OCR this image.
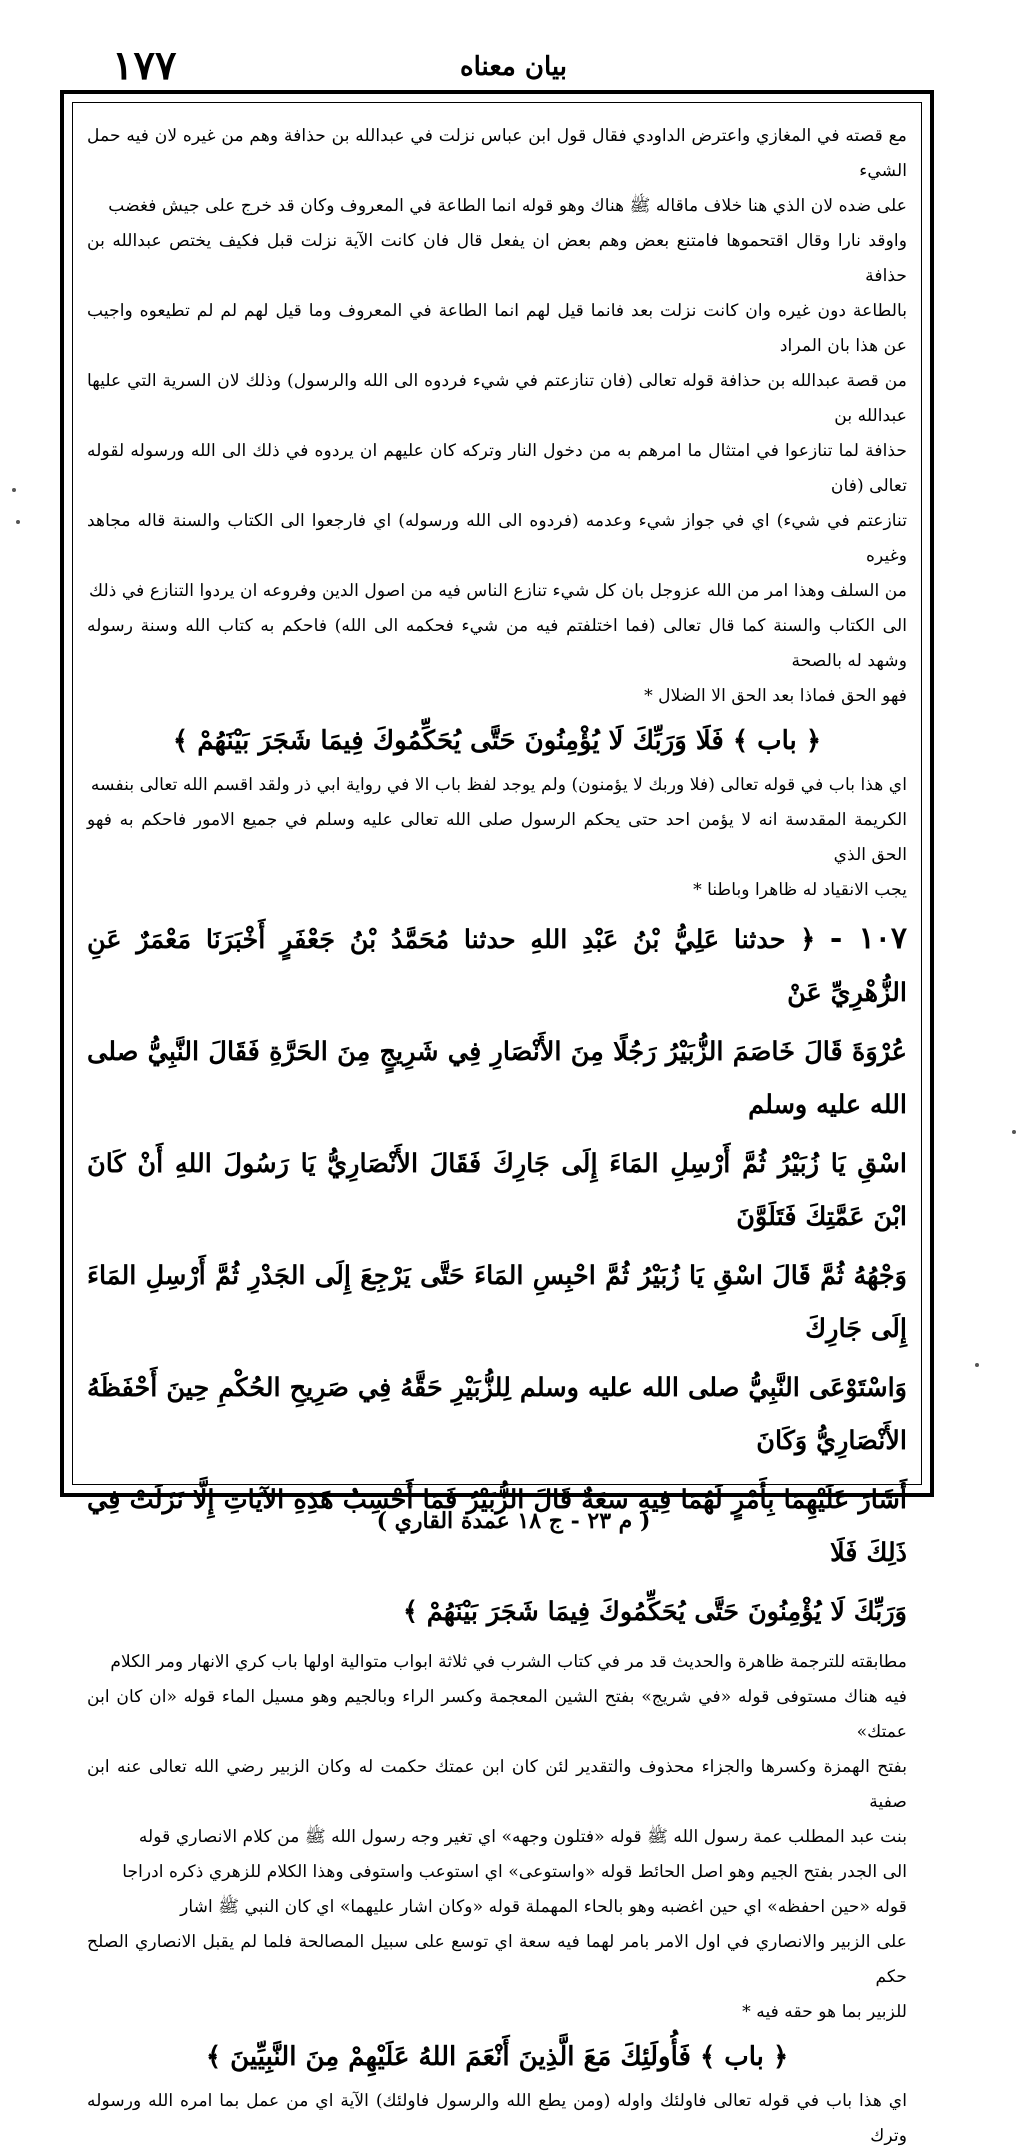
١٧٧	بيان معناه

مع قصته في المغازي واعترض الداودي فقال قول ابن عباس نزلت في عبدالله بن حذافة وهم من غيره لان فيه حمل الشيء

على ضده لان الذي هنا خلاف ماقاله ﷺ هناك وهو قوله انما الطاعة في المعروف وكان قد خرج على جيش فغضب

واوقد نارا وقال اقتحموها فامتنع بعض وهم بعض ان يفعل قال فان كانت الآية نزلت قبل فكيف يختص عبدالله بن حذافة

بالطاعة دون غيره وان كانت نزلت بعد فانما قيل لهم انما الطاعة في المعروف وما قيل لهم لم لم تطيعوه واجيب عن هذا بان المراد

من قصة عبدالله بن حذافة قوله تعالى (فان تنازعتم في شيء فردوه الى الله والرسول) وذلك لان السرية التي عليها عبدالله بن

حذافة لما تنازعوا في امتثال ما امرهم به من دخول النار وتركه كان عليهم ان يردوه في ذلك الى الله ورسوله لقوله تعالى (فان

تنازعتم في شيء) اي في جواز شيء وعدمه (فردوه الى الله ورسوله) اي فارجعوا الى الكتاب والسنة قاله مجاهد وغيره

من السلف وهذا امر من الله عزوجل بان كل شيء تنازع الناس فيه من اصول الدين وفروعه ان يردوا التنازع في ذلك

الى الكتاب والسنة كما قال تعالى (فما اختلفتم فيه من شيء فحكمه الى الله) فاحكم به كتاب الله وسنة رسوله وشهد له بالصحة

فهو الحق فماذا بعد الحق الا الضلال *

﴿ باب ﴾ فَلَا وَرَبِّكَ لَا يُؤْمِنُونَ حَتَّى يُحَكِّمُوكَ فِيمَا شَجَرَ بَيْنَهُمْ ﴾

اي هذا باب في قوله تعالى (فلا وربك لا يؤمنون) ولم يوجد لفظ باب الا في رواية ابي ذر ولقد اقسم الله تعالى بنفسه

الكريمة المقدسة انه لا يؤمن احد حتى يحكم الرسول صلى الله تعالى عليه وسلم في جميع الامور فاحكم به فهو الحق الذي

يجب الانقياد له ظاهرا وباطنا *

١٠٧ - ﴿ حدثنا عَلِيُّ بْنُ عَبْدِ اللهِ حدثنا مُحَمَّدُ بْنُ جَعْفَرٍ أَخْبَرَنَا مَعْمَرٌ عَنِ الزُّهْرِيِّ عَنْ

عُرْوَةَ قَالَ خَاصَمَ الزُّبَيْرُ رَجُلًا مِنَ الأَنْصَارِ فِي شَرِيجٍ مِنَ الحَرَّةِ فَقَالَ النَّبِيُّ صلى الله عليه وسلم

اسْقِ يَا زُبَيْرُ ثُمَّ أَرْسِلِ المَاءَ إِلَى جَارِكَ فَقَالَ الأَنْصَارِيُّ يَا رَسُولَ اللهِ أَنْ كَانَ ابْنَ عَمَّتِكَ فَتَلَوَّنَ

وَجْهُهُ ثُمَّ قَالَ اسْقِ يَا زُبَيْرُ ثُمَّ احْبِسِ المَاءَ حَتَّى يَرْجِعَ إِلَى الجَدْرِ ثُمَّ أَرْسِلِ المَاءَ إِلَى جَارِكَ

وَاسْتَوْعَى النَّبِيُّ صلى الله عليه وسلم لِلزُّبَيْرِ حَقَّهُ فِي صَرِيحِ الحُكْمِ حِينَ أَحْفَظَهُ الأَنْصَارِيُّ وَكَانَ

أَشَارَ عَلَيْهِمَا بِأَمْرٍ لَهُمَا فِيهِ سَعَةٌ قَالَ الزُّبَيْرُ فَمَا أَحْسِبُ هَذِهِ الآيَاتِ إِلَّا نَزَلَتْ فِي ذَلِكَ فَلَا

وَرَبِّكَ لَا يُؤْمِنُونَ حَتَّى يُحَكِّمُوكَ فِيمَا شَجَرَ بَيْنَهُمْ ﴾

مطابقته للترجمة ظاهرة والحديث قد مر في كتاب الشرب في ثلاثة ابواب متوالية اولها باب كري الانهار ومر الكلام

فيه هناك مستوفى قوله «في شريج» بفتح الشين المعجمة وكسر الراء وبالجيم وهو مسيل الماء قوله «ان كان ابن عمتك»

بفتح الهمزة وكسرها والجزاء محذوف والتقدير لئن كان ابن عمتك حكمت له وكان الزبير رضي الله تعالى عنه ابن صفية

بنت عبد المطلب عمة رسول الله ﷺ قوله «فتلون وجهه» اي تغير وجه رسول الله ﷺ من كلام الانصاري قوله

الى الجدر بفتح الجيم وهو اصل الحائط قوله «واستوعى» اي استوعب واستوفى وهذا الكلام للزهري ذكره ادراجا

قوله «حين احفظه» اي حين اغضبه وهو بالحاء المهملة قوله «وكان اشار عليهما» اي كان النبي ﷺ اشار

على الزبير والانصاري في اول الامر بامر لهما فيه سعة اي توسع على سبيل المصالحة فلما لم يقبل الانصاري الصلح حكم

للزبير بما هو حقه فيه *

﴿ باب ﴾ فَأُولَئِكَ مَعَ الَّذِينَ أَنْعَمَ اللهُ عَلَيْهِمْ مِنَ النَّبِيِّينَ ﴾

اي هذا باب في قوله تعالى فاولئك واوله (ومن يطع الله والرسول فاولئك) الآية اي من عمل بما امره الله ورسوله وترك

( م ٢٣ - ج ١٨ عمدة القاري )
